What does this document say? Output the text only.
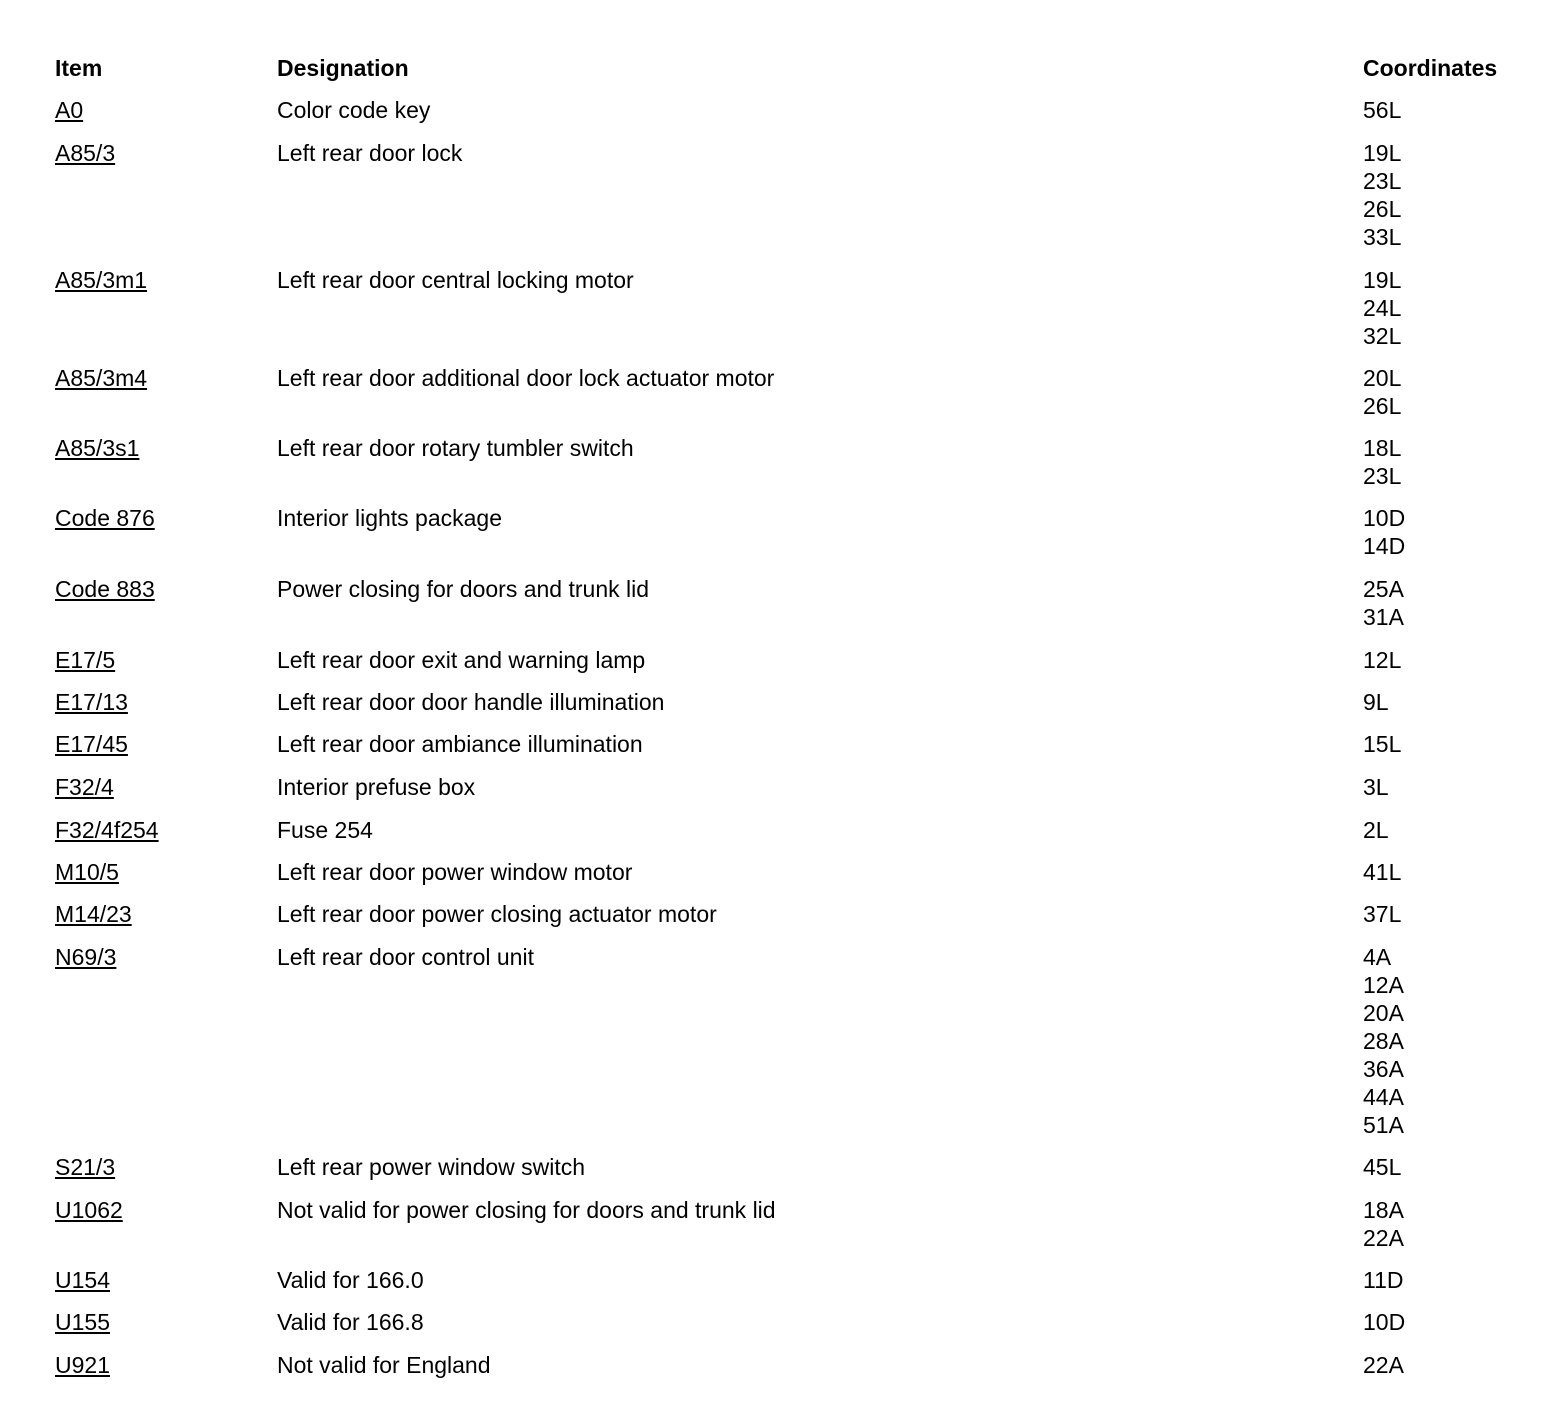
Item	Designation	Coordinates
A0	Color code key	56L
A85/3	Left rear door lock	19L
23L
26L
33L
A85/3m1	Left rear door central locking motor	19L
24L
32L
A85/3m4	Left rear door additional door lock actuator motor	20L
26L
A85/3s1	Left rear door rotary tumbler switch	18L
23L
Code 876	Interior lights package	10D
14D
Code 883	Power closing for doors and trunk lid	25A
31A
E17/5	Left rear door exit and warning lamp	12L
E17/13	Left rear door door handle illumination	9L
E17/45	Left rear door ambiance illumination	15L
F32/4	Interior prefuse box	3L
F32/4f254	Fuse 254	2L
M10/5	Left rear door power window motor	41L
M14/23	Left rear door power closing actuator motor	37L
N69/3	Left rear door control unit	4A
12A
20A
28A
36A
44A
51A
S21/3	Left rear power window switch	45L
U1062	Not valid for power closing for doors and trunk lid	18A
22A
U154	Valid for 166.0	11D
U155	Valid for 166.8	10D
U921	Not valid for England	22A
